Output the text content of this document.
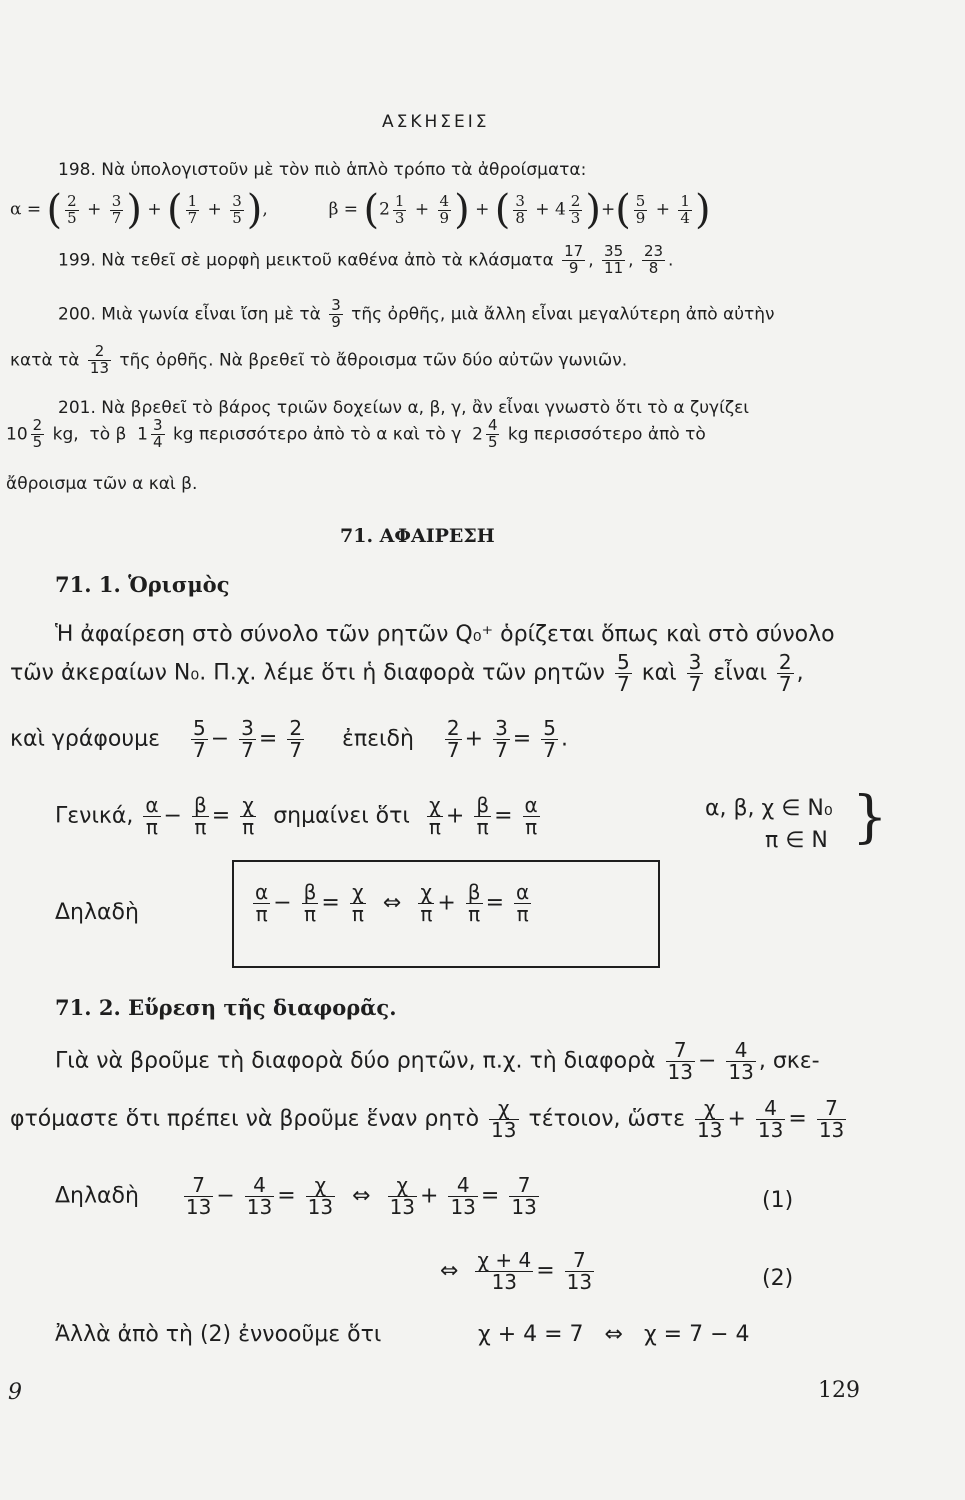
ΑΣΚΗΣΕΙΣ
198. Νὰ ὑπολογιστοῦν μὲ τὸν πιὸ ἁπλὸ τρόπο τὰ ἀθροίσματα:
α = ( $\frac{2}{5} + \frac{3}{7}$ ) + ( $\frac{1}{7} + \frac{3}{5}$ ),	$\beta = (2 \frac{1}{3} + \frac{4}{9}$ ) + ( $\frac{3}{8} + 4 \frac{2}{3}$ )+( $\frac{5}{9} + \frac{1}{4}$ )
199. Νὰ τεθεῖ σὲ μορφὴ μεικτοῦ καθένα ἀπὸ τὰ κλάσματα $\frac{17}{9}$ , $\frac{35}{11}$ , $\frac{23}{8}$ .
200. Μιὰ γωνία εἶναι ἴση μὲ τὰ $\frac{3}{9}$ τῆς ὀρθῆς, μιὰ ἄλλη εἶναι μεγαλύτερη ἀπὸ αὐτὴν
κατὰ τὰ $\frac{2}{13}$ τῆς ὀρθῆς. Νὰ βρεθεῖ τὸ ἄθροισμα τῶν δύο αὐτῶν γωνιῶν.
201. Νὰ βρεθεῖ τὸ βάρος τριῶν δοχείων α, β, γ, ἂν εἶναι γνωστὸ ὅτι τὸ α ζυγίζει
$10 \frac{2}{5}$ kg,  τὸ β $1 \frac{3}{4}$ kg περισσότερο ἀπὸ τὸ α καὶ τὸ γ $2 \frac{4}{5}$ kg περισσότερο ἀπὸ τὸ
ἄθροισμα τῶν α καὶ β.
71. ΑΦΑΙΡΕΣΗ
71. 1. Ὁρισμὸς
Ἡ ἀφαίρεση στὸ σύνολο τῶν ρητῶν Q₀⁺ ὁρίζεται ὅπως καὶ στὸ σύνολο
τῶν ἀκεραίων N₀. Π.χ. λέμε ὅτι ἡ διαφορὰ τῶν ρητῶν $\frac{5}{7}$ καὶ $\frac{3}{7}$ εἶναι $\frac{2}{7}$ ,
καὶ γράφουμε $\frac{5}{7} - \frac{3}{7} = \frac{2}{7}$ ἐπειδὴ $\frac{2}{7} + \frac{3}{7} = \frac{5}{7}$ .
Γενικά, $\frac{\alpha}{\pi} - \frac{\beta}{\pi} = \frac{\chi}{\pi}$ σημαίνει ὅτι $\frac{\chi}{\pi} + \frac{\beta}{\pi} = \frac{\alpha}{\pi}$	α, β, χ ∈ N₀
π ∈ N }
Δηλαδὴ	$\frac{\alpha}{\pi} - \frac{\beta}{\pi} = \frac{\chi}{\pi}$ ⇔ $\frac{\chi}{\pi} + \frac{\beta}{\pi} = \frac{\alpha}{\pi}$
71. 2. Εὕρεση τῆς διαφορᾶς.
Γιὰ νὰ βροῦμε τὴ διαφορὰ δύο ρητῶν, π.χ. τὴ διαφορὰ $\frac{7}{13} - \frac{4}{13}$ , σκε-
φτόμαστε ὅτι πρέπει νὰ βροῦμε ἕναν ρητὸ $\frac{\chi}{13} \tau έ\tau o\iota o\nu$, ὥστε $\frac{\chi}{13} + \frac{4}{13} = \frac{7}{13}$
Δηλαδὴ $\frac{7}{13} - \frac{4}{13} = \frac{\chi}{13}$ ⇔ $\frac{\chi}{13} + \frac{4}{13} = \frac{7}{13}$	(1)
⇔ $\frac{\chi + 4}{13} = \frac{7}{13}$	(2)
Ἀλλὰ ἀπὸ τὴ (2) ἐννοοῦμε ὅτι	χ + 4 = 7 ⇔ χ = 7 − 4
9	129
